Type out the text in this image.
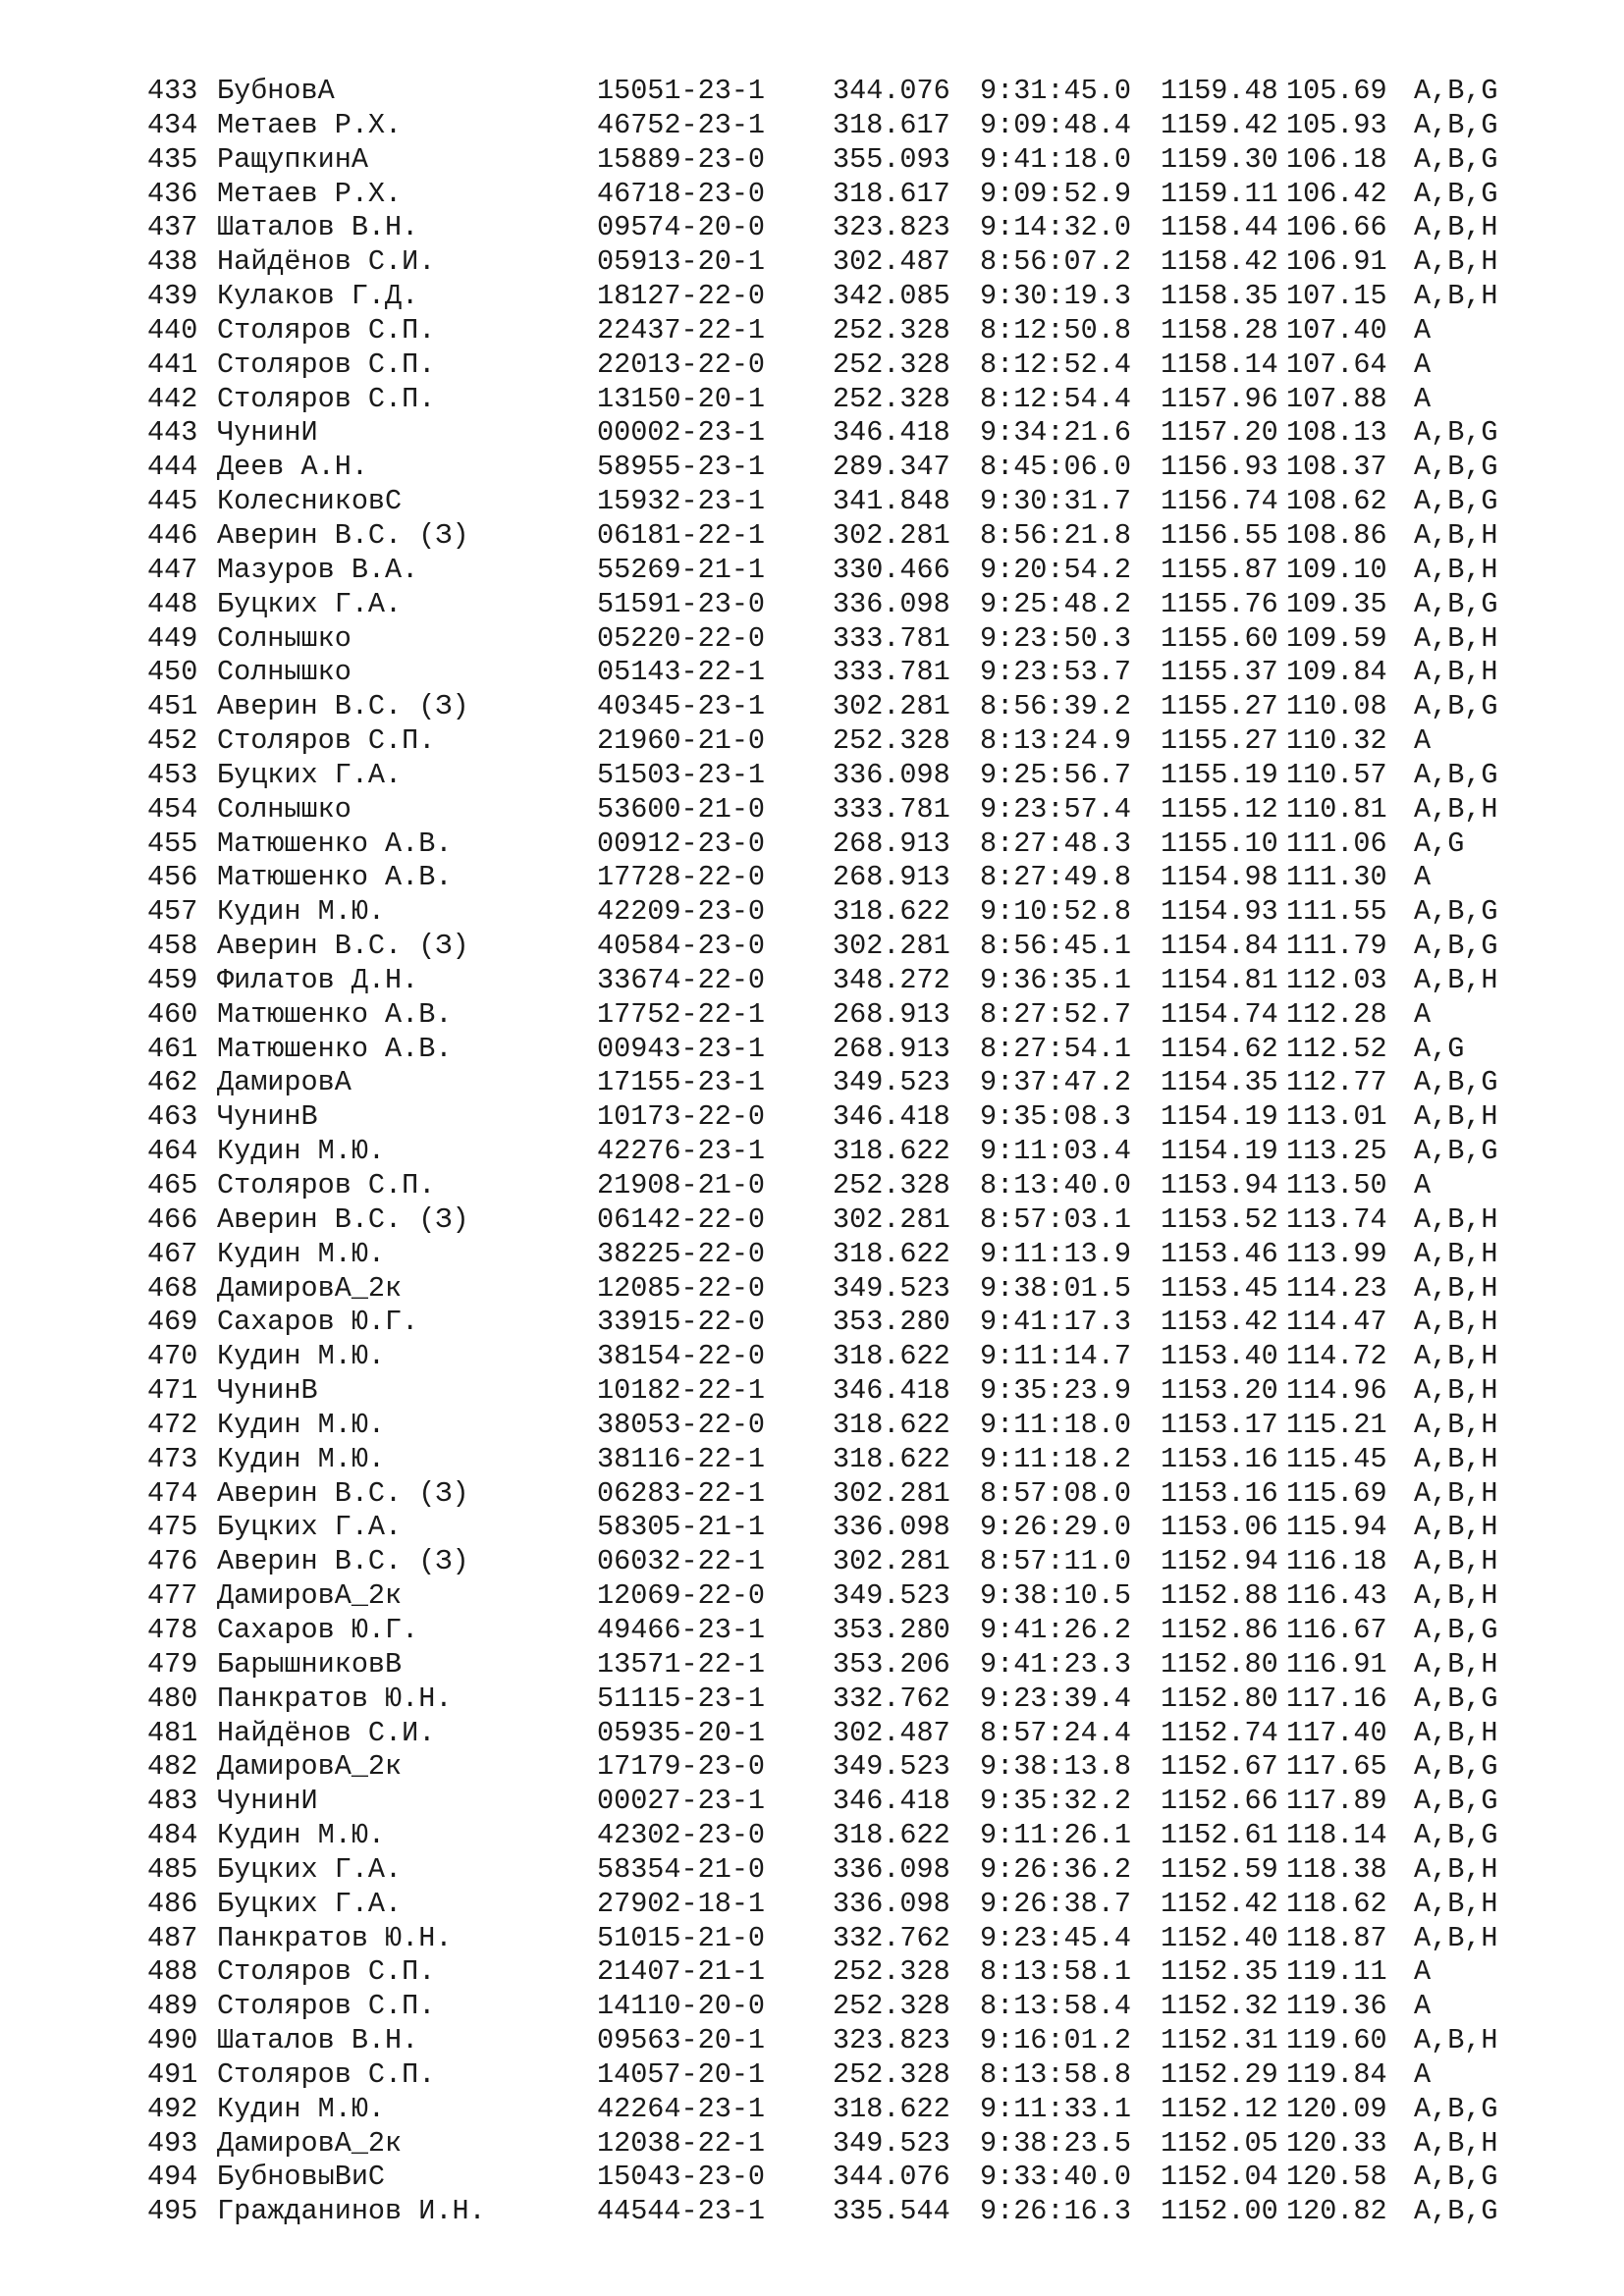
433 БубновА	15051-23-1 344.076 9:31:45.0 1159.48 105.69 A,B,G
434 Метаев Р.Х.	46752-23-1 318.617 9:09:48.4 1159.42 105.93 A,B,G
435 РащупкинА	15889-23-0 355.093 9:41:18.0 1159.30 106.18 A,B,G
436 Метаев Р.Х.	46718-23-0 318.617 9:09:52.9 1159.11 106.42 A,B,G
437 Шаталов В.Н.	09574-20-0 323.823 9:14:32.0 1158.44 106.66 A,B,H
438 Найдёнов С.И.	05913-20-1 302.487 8:56:07.2 1158.42 106.91 A,B,H
439 Кулаков Г.Д.	18127-22-0 342.085 9:30:19.3 1158.35 107.15 A,B,H
440 Столяров С.П.	22437-22-1 252.328 8:12:50.8 1158.28 107.40 A
441 Столяров С.П.	22013-22-0 252.328 8:12:52.4 1158.14 107.64 A
442 Столяров С.П.	13150-20-1 252.328 8:12:54.4 1157.96 107.88 A
443 ЧунинИ	00002-23-1 346.418 9:34:21.6 1157.20 108.13 A,B,G
444 Деев А.Н.	58955-23-1 289.347 8:45:06.0 1156.93 108.37 A,B,G
445 КолесниковС	15932-23-1 341.848 9:30:31.7 1156.74 108.62 A,B,G
446 Аверин В.С. (З)	06181-22-1 302.281 8:56:21.8 1156.55 108.86 A,B,H
447 Мазуров В.А.	55269-21-1 330.466 9:20:54.2 1155.87 109.10 A,B,H
448 Буцких Г.А.	51591-23-0 336.098 9:25:48.2 1155.76 109.35 A,B,G
449 Солнышко	05220-22-0 333.781 9:23:50.3 1155.60 109.59 A,B,H
450 Солнышко	05143-22-1 333.781 9:23:53.7 1155.37 109.84 A,B,H
451 Аверин В.С. (З)	40345-23-1 302.281 8:56:39.2 1155.27 110.08 A,B,G
452 Столяров С.П.	21960-21-0 252.328 8:13:24.9 1155.27 110.32 A
453 Буцких Г.А.	51503-23-1 336.098 9:25:56.7 1155.19 110.57 A,B,G
454 Солнышко	53600-21-0 333.781 9:23:57.4 1155.12 110.81 A,B,H
455 Матюшенко А.В.	00912-23-0 268.913 8:27:48.3 1155.10 111.06 A,G
456 Матюшенко А.В.	17728-22-0 268.913 8:27:49.8 1154.98 111.30 A
457 Кудин М.Ю.	42209-23-0 318.622 9:10:52.8 1154.93 111.55 A,B,G
458 Аверин В.С. (З)	40584-23-0 302.281 8:56:45.1 1154.84 111.79 A,B,G
459 Филатов Д.Н.	33674-22-0 348.272 9:36:35.1 1154.81 112.03 A,B,H
460 Матюшенко А.В.	17752-22-1 268.913 8:27:52.7 1154.74 112.28 A
461 Матюшенко А.В.	00943-23-1 268.913 8:27:54.1 1154.62 112.52 A,G
462 ДамировА	17155-23-1 349.523 9:37:47.2 1154.35 112.77 A,B,G
463 ЧунинВ	10173-22-0 346.418 9:35:08.3 1154.19 113.01 A,B,H
464 Кудин М.Ю.	42276-23-1 318.622 9:11:03.4 1154.19 113.25 A,B,G
465 Столяров С.П.	21908-21-0 252.328 8:13:40.0 1153.94 113.50 A
466 Аверин В.С. (З)	06142-22-0 302.281 8:57:03.1 1153.52 113.74 A,B,H
467 Кудин М.Ю.	38225-22-0 318.622 9:11:13.9 1153.46 113.99 A,B,H
468 ДамировА_2к	12085-22-0 349.523 9:38:01.5 1153.45 114.23 A,B,H
469 Сахаров Ю.Г.	33915-22-0 353.280 9:41:17.3 1153.42 114.47 A,B,H
470 Кудин М.Ю.	38154-22-0 318.622 9:11:14.7 1153.40 114.72 A,B,H
471 ЧунинВ	10182-22-1 346.418 9:35:23.9 1153.20 114.96 A,B,H
472 Кудин М.Ю.	38053-22-0 318.622 9:11:18.0 1153.17 115.21 A,B,H
473 Кудин М.Ю.	38116-22-1 318.622 9:11:18.2 1153.16 115.45 A,B,H
474 Аверин В.С. (З)	06283-22-1 302.281 8:57:08.0 1153.16 115.69 A,B,H
475 Буцких Г.А.	58305-21-1 336.098 9:26:29.0 1153.06 115.94 A,B,H
476 Аверин В.С. (З)	06032-22-1 302.281 8:57:11.0 1152.94 116.18 A,B,H
477 ДамировА_2к	12069-22-0 349.523 9:38:10.5 1152.88 116.43 A,B,H
478 Сахаров Ю.Г.	49466-23-1 353.280 9:41:26.2 1152.86 116.67 A,B,G
479 БарышниковВ	13571-22-1 353.206 9:41:23.3 1152.80 116.91 A,B,H
480 Панкратов Ю.Н.	51115-23-1 332.762 9:23:39.4 1152.80 117.16 A,B,G
481 Найдёнов С.И.	05935-20-1 302.487 8:57:24.4 1152.74 117.40 A,B,H
482 ДамировА_2к	17179-23-0 349.523 9:38:13.8 1152.67 117.65 A,B,G
483 ЧунинИ	00027-23-1 346.418 9:35:32.2 1152.66 117.89 A,B,G
484 Кудин М.Ю.	42302-23-0 318.622 9:11:26.1 1152.61 118.14 A,B,G
485 Буцких Г.А.	58354-21-0 336.098 9:26:36.2 1152.59 118.38 A,B,H
486 Буцких Г.А.	27902-18-1 336.098 9:26:38.7 1152.42 118.62 A,B,H
487 Панкратов Ю.Н.	51015-21-0 332.762 9:23:45.4 1152.40 118.87 A,B,H
488 Столяров С.П.	21407-21-1 252.328 8:13:58.1 1152.35 119.11 A
489 Столяров С.П.	14110-20-0 252.328 8:13:58.4 1152.32 119.36 A
490 Шаталов В.Н.	09563-20-1 323.823 9:16:01.2 1152.31 119.60 A,B,H
491 Столяров С.П.	14057-20-1 252.328 8:13:58.8 1152.29 119.84 A
492 Кудин М.Ю.	42264-23-1 318.622 9:11:33.1 1152.12 120.09 A,B,G
493 ДамировА_2к	12038-22-1 349.523 9:38:23.5 1152.05 120.33 A,B,H
494 БубновыВиС	15043-23-0 344.076 9:33:40.0 1152.04 120.58 A,B,G
495 Гражданинов И.Н.	44544-23-1 335.544 9:26:16.3 1152.00 120.82 A,B,G
